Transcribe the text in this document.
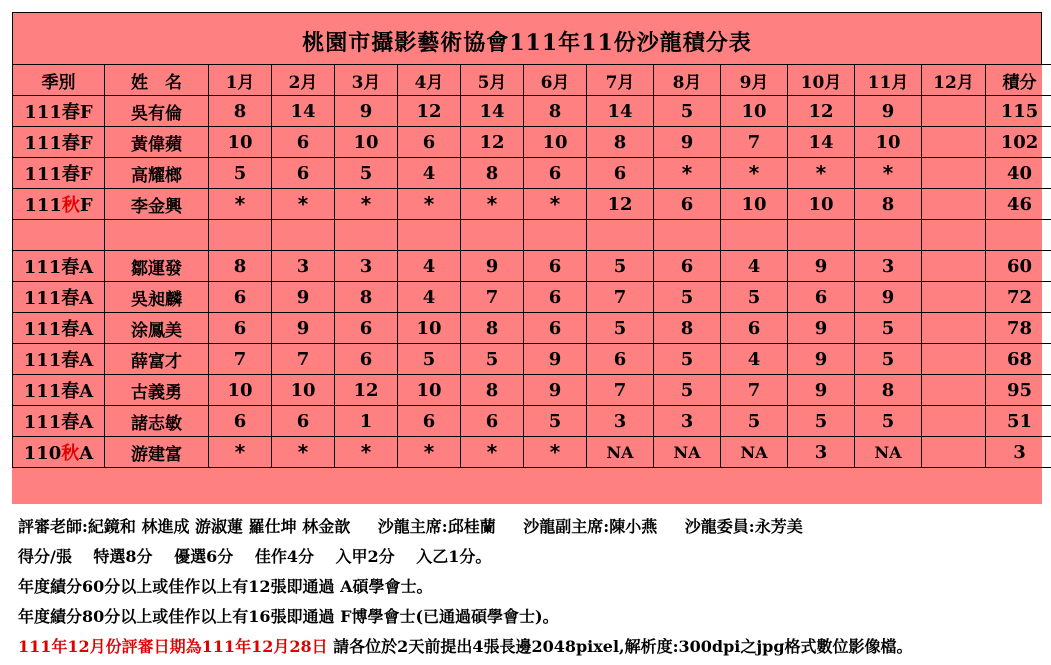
桃園市攝影藝術協會111年11份沙龍積分表
季別	姓　名	1月	2月	3月	4月	5月	6月	7月	8月	9月	10月	11月	12月	積分
111春F	吳有倫	8	14	9	12	14	8	14	5	10	12	9		115
111春F	黃偉蘋	10	6	10	6	12	10	8	9	7	14	10		102
111春F	高耀榔	5	6	5	4	8	6	6	*	*	*	*		40
111秋F	李金興	*	*	*	*	*	*	12	6	10	10	8		46

111春A	鄒運發	8	3	3	4	9	6	5	6	4	9	3		60
111春A	吳昶麟	6	9	8	4	7	6	7	5	5	6	9		72
111春A	涂鳳美	6	9	6	10	8	6	5	8	6	9	5		78
111春A	薛富才	7	7	6	5	5	9	6	5	4	9	5		68
111春A	古義勇	10	10	12	10	8	9	7	5	7	9	8		95
111春A	諸志敏	6	6	1	6	6	5	3	3	5	5	5		51
110秋A	游建富	*	*	*	*	*	*	NA	NA	NA	3	NA		3
評審老師:紀鏡和 林進成 游淑蓮 羅仕坤 林金歆 沙龍主席:邱桂蘭 沙龍副主席:陳小燕 沙龍委員:永芳美
得分/張　 特選8分　 優選6分　 佳作4分　 入甲2分　 入乙1分。
年度績分60分以上或佳作以上有12張即通過 A碩學會士。
年度績分80分以上或佳作以上有16張即通過 F博學會士(已通過碩學會士)。
111年12月份評審日期為111年12月28日 請各位於2天前提出4張長邊2048pixel,解析度:300dpi之jpg格式數位影像檔。
